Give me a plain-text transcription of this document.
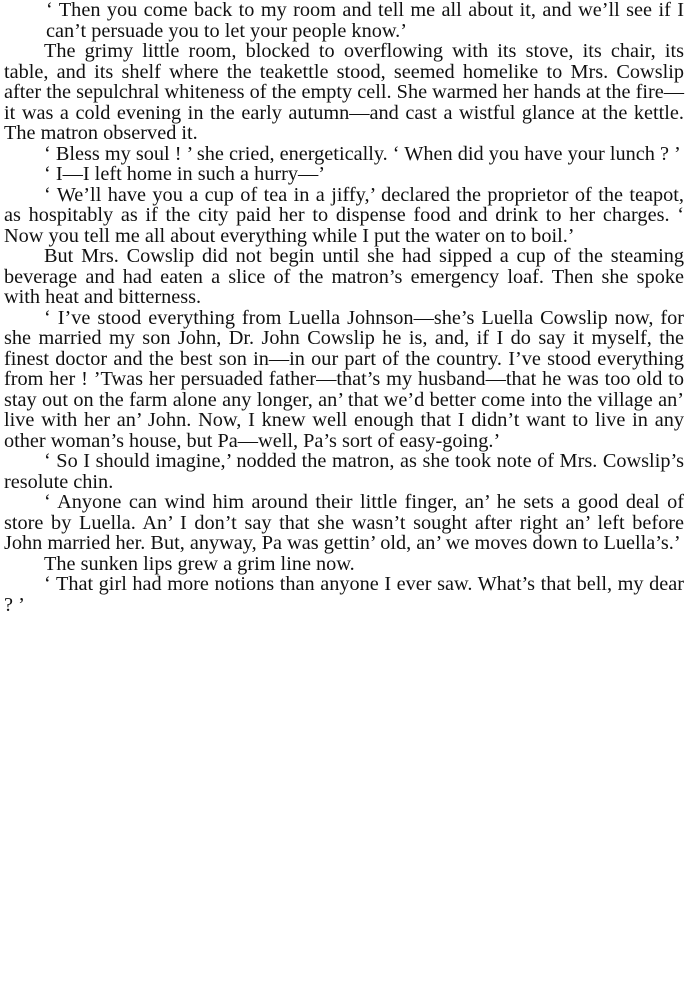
‘ Then you come back to my room and tell me all about it, and we’ll see if I can’t persuade you to let your people know.’

The grimy little room, blocked to overflowing with its stove, its chair, its table, and its shelf where the teakettle stood, seemed homelike to Mrs. Cowslip after the sepulchral whiteness of the empty cell. She warmed her hands at the fire—it was a cold evening in the early autumn—and cast a wistful glance at the kettle. The matron observed it.

‘ Bless my soul ! ’ she cried, energetically. ‘ When did you have your lunch ? ’

‘ I—I left home in such a hurry—’

‘ We’ll have you a cup of tea in a jiffy,’ declared the proprietor of the teapot, as hospitably as if the city paid her to dispense food and drink to her charges. ‘ Now you tell me all about everything while I put the water on to boil.’

But Mrs. Cowslip did not begin until she had sipped a cup of the steaming beverage and had eaten a slice of the matron’s emergency loaf. Then she spoke with heat and bitterness.

‘ I’ve stood everything from Luella Johnson—she’s Luella Cowslip now, for she married my son John, Dr. John Cowslip he is, and, if I do say it myself, the finest doctor and the best son in—in our part of the country. I’ve stood everything from her ! ’Twas her persuaded father—that’s my husband—that he was too old to stay out on the farm alone any longer, an’ that we’d better come into the village an’ live with her an’ John. Now, I knew well enough that I didn’t want to live in any other woman’s house, but Pa—well, Pa’s sort of easy-going.’

‘ So I should imagine,’ nodded the matron, as she took note of Mrs. Cowslip’s resolute chin.

‘ Anyone can wind him around their little finger, an’ he sets a good deal of store by Luella. An’ I don’t say that she wasn’t sought after right an’ left before John married her. But, anyway, Pa was gettin’ old, an’ we moves down to Luella’s.’

The sunken lips grew a grim line now.

‘ That girl had more notions than anyone I ever saw. What’s that bell, my dear ? ’
